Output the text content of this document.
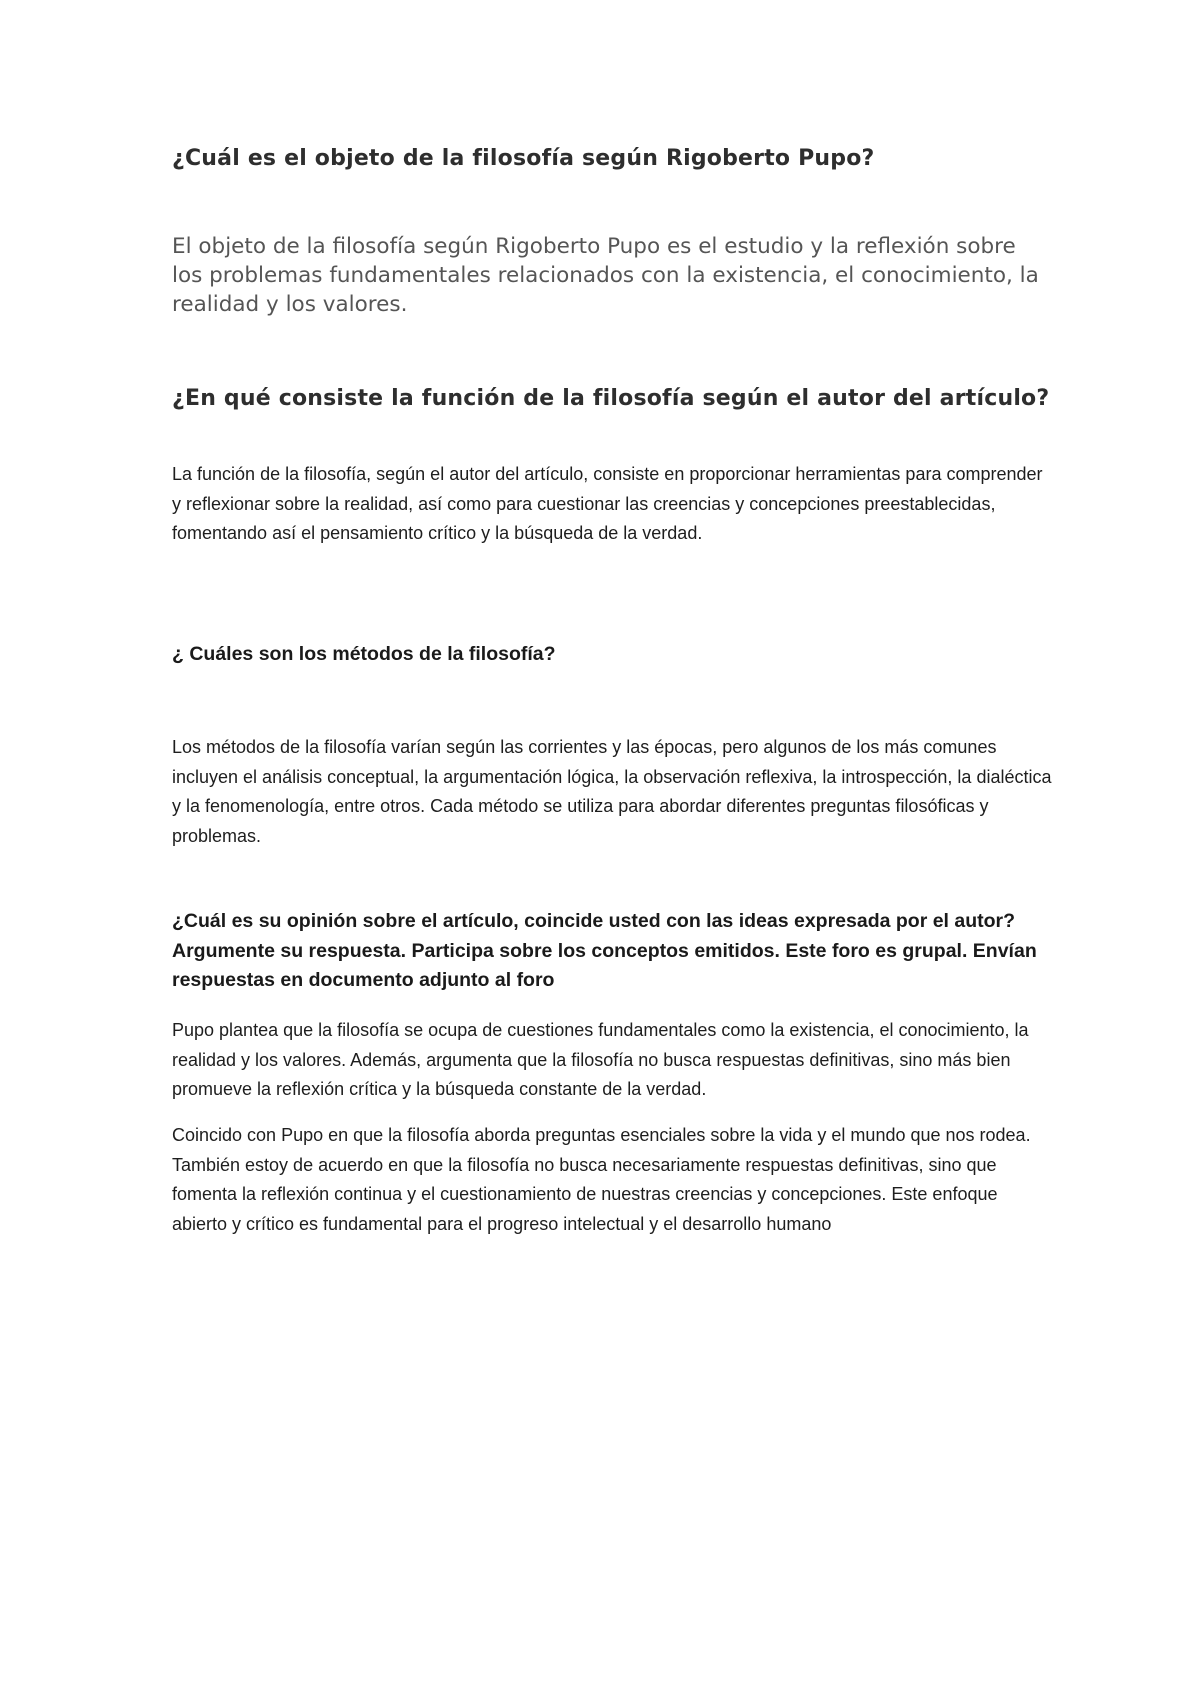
¿Cuál es el objeto de la filosofía según Rigoberto Pupo?

El objeto de la filosofía según Rigoberto Pupo es el estudio y la reflexión sobre los problemas fundamentales relacionados con la existencia, el conocimiento, la realidad y los valores.

¿En qué consiste la función de la filosofía según el autor del artículo?

La función de la filosofía, según el autor del artículo, consiste en proporcionar herramientas para comprender y reflexionar sobre la realidad, así como para cuestionar las creencias y concepciones preestablecidas, fomentando así el pensamiento crítico y la búsqueda de la verdad.

¿ Cuáles son los métodos de la filosofía?

Los métodos de la filosofía varían según las corrientes y las épocas, pero algunos de los más comunes incluyen el análisis conceptual, la argumentación lógica, la observación reflexiva, la introspección, la dialéctica y la fenomenología, entre otros. Cada método se utiliza para abordar diferentes preguntas filosóficas y problemas.

¿Cuál es su opinión sobre el artículo, coincide usted con las ideas expresada por el autor? Argumente su respuesta. Participa sobre los conceptos emitidos. Este foro es grupal. Envían respuestas en documento adjunto al foro

Pupo plantea que la filosofía se ocupa de cuestiones fundamentales como la existencia, el conocimiento, la realidad y los valores. Además, argumenta que la filosofía no busca respuestas definitivas, sino más bien promueve la reflexión crítica y la búsqueda constante de la verdad.

Coincido con Pupo en que la filosofía aborda preguntas esenciales sobre la vida y el mundo que nos rodea. También estoy de acuerdo en que la filosofía no busca necesariamente respuestas definitivas, sino que fomenta la reflexión continua y el cuestionamiento de nuestras creencias y concepciones. Este enfoque abierto y crítico es fundamental para el progreso intelectual y el desarrollo humano
